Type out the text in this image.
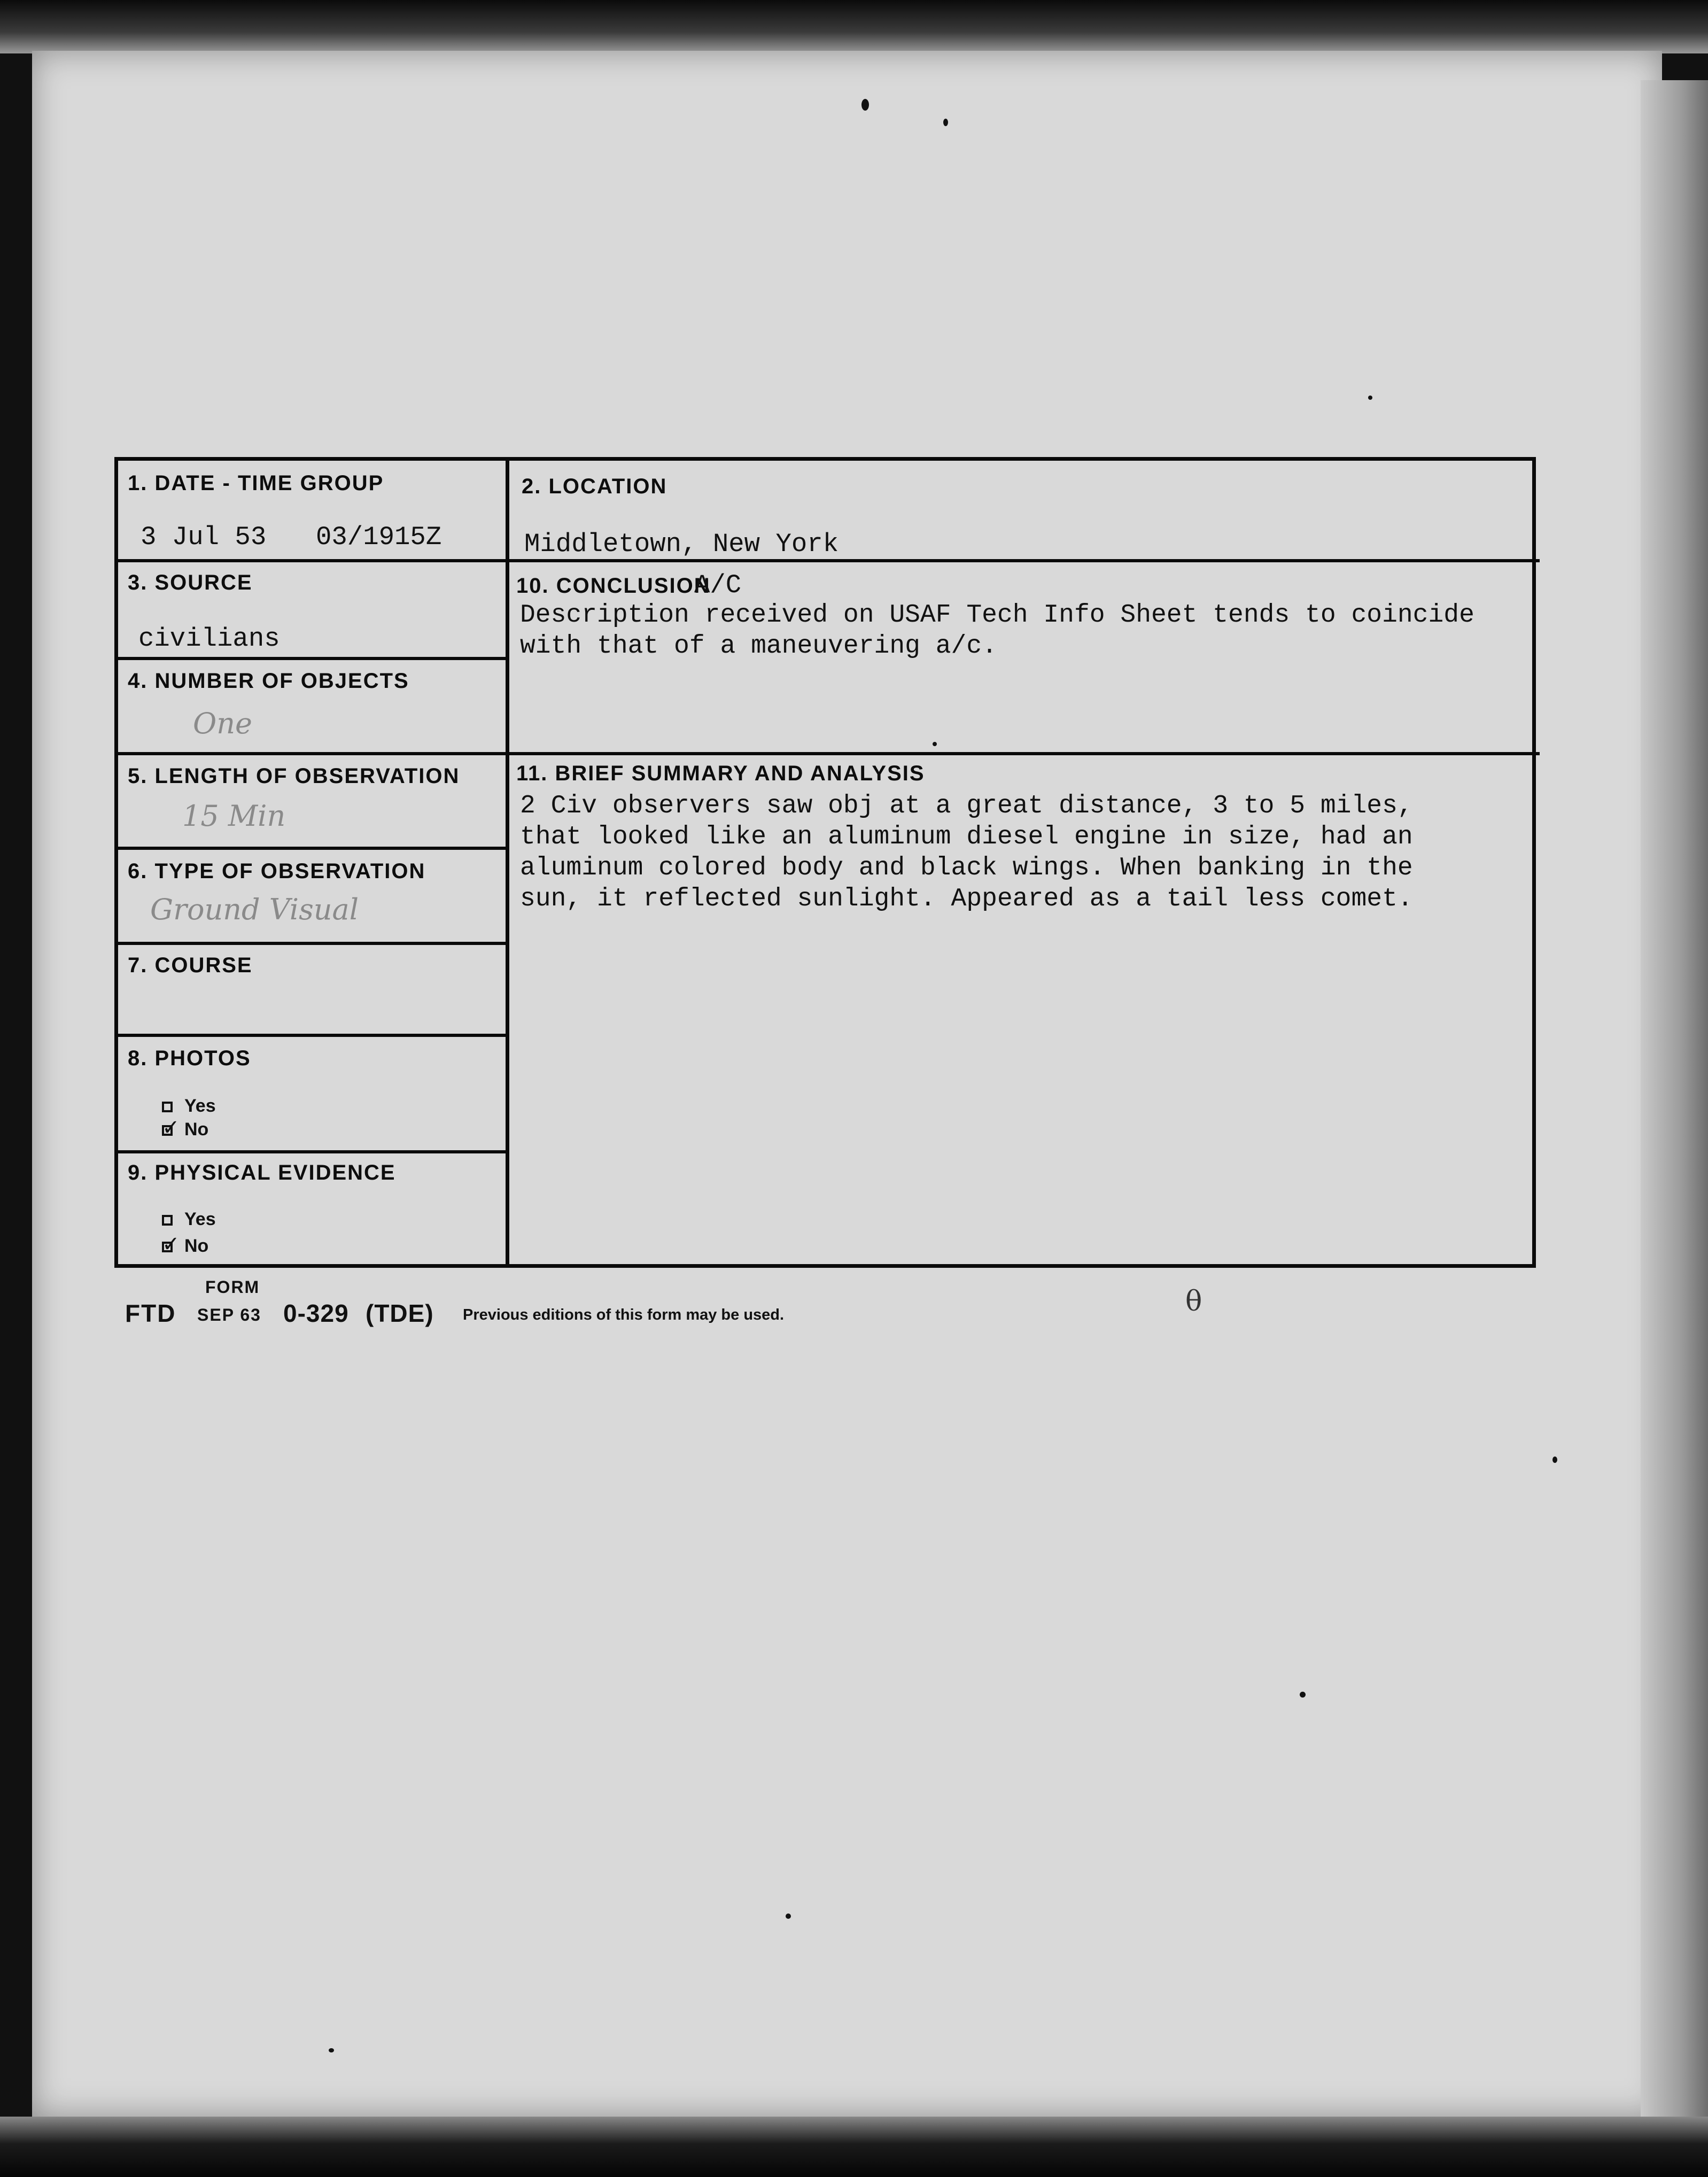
1. DATE - TIME GROUP
3 Jul 53 03/1915Z
2. LOCATION
Middletown, New York
3. SOURCE
civilians
4. NUMBER OF OBJECTS
One
5. LENGTH OF OBSERVATION
15 Min
6. TYPE OF OBSERVATION
Ground Visual
7. COURSE
8. PHOTOS
Yes
✓No
9. PHYSICAL EVIDENCE
Yes
✓No
10. CONCLUSION
A/C
Description received on USAF Tech Info Sheet tends to coincide
with that of a maneuvering a/c.
11. BRIEF SUMMARY AND ANALYSIS
2 Civ observers saw obj at a great distance, 3 to 5 miles,
that looked like an aluminum diesel engine in size, had an
aluminum colored body and black wings. When banking in the
sun, it reflected sunlight. Appeared as a tail less comet.
FORM
FTD SEP 63 0-329 (TDE) Previous editions of this form may be used.	θ
